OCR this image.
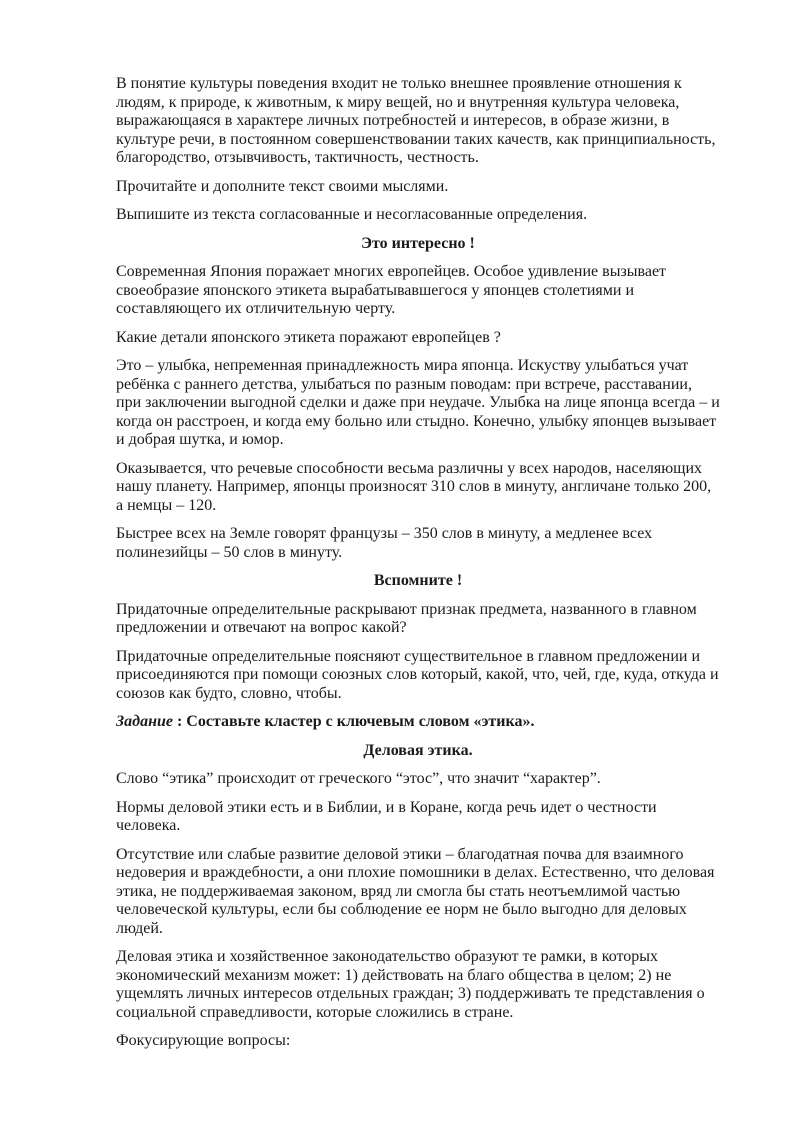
В понятие культуры поведения входит не только внешнее проявление отношения к людям, к природе, к животным, к миру вещей, но и внутренняя культура человека, выражающаяся в характере личных потребностей и интересов, в образе жизни, в культуре речи, в постоянном совершенствовании таких качеств, как принципиальность, благородство, отзывчивость, тактичность, честность.

Прочитайте и дополните текст своими мыслями.

Выпишите из текста согласованные и несогласованные определения.

Это интересно !

Современная Япония поражает многих европейцев. Особое удивление вызывает своеобразие японского этикета вырабатывавшегося у японцев столетиями и составляющего их отличительную черту.

Какие детали японского этикета поражают европейцев ?

Это – улыбка, непременная принадлежность мира японца. Искуству улыбаться учат ребёнка с раннего детства, улыбаться по разным поводам: при встрече, расставании, при заключении выгодной сделки и даже при неудаче. Улыбка на лице японца всегда – и когда он расстроен, и когда ему больно или стыдно. Конечно, улыбку японцев вызывает и добрая шутка, и юмор.

Оказывается, что речевые способности весьма различны у всех народов, населяющих нашу планету. Например, японцы произносят 310 слов в минуту, англичане только 200, а немцы – 120.

Быстрее всех на Земле говорят французы – 350 слов в минуту, а медленее всех полинезийцы – 50 слов в минуту.

Вспомните !

Придаточные определительные раскрывают признак предмета, названного в главном предложении и отвечают на вопрос какой?

Придаточные определительные поясняют существительное в главном предложении и присоединяются при помощи союзных слов который, какой, что, чей, где, куда, откуда и союзов как будто, словно, чтобы.

Задание : Составьте кластер с ключевым словом «этика».

Деловая этика.

Слово “этика” происходит от греческого “этос”, что значит “характер”.

Нормы деловой этики есть и в Библии, и в Коране, когда речь идет о честности человека.

Отсутствие или слабые развитие деловой этики – благодатная почва для взаимного недоверия и враждебности, а они плохие помошники в делах. Естественно, что деловая этика, не поддерживаемая законом, вряд ли смогла бы стать неотъемлимой частью человеческой культуры, если бы соблюдение ее норм не было выгодно для деловых людей.

Деловая этика и хозяйственное законодательство образуют те рамки, в которых экономический механизм может: 1) действовать на благо общества в целом; 2) не ущемлять личных интересов отдельных граждан; 3) поддерживать те представления о социальной справедливости, которые сложились в стране.

Фокусирующие вопросы:
